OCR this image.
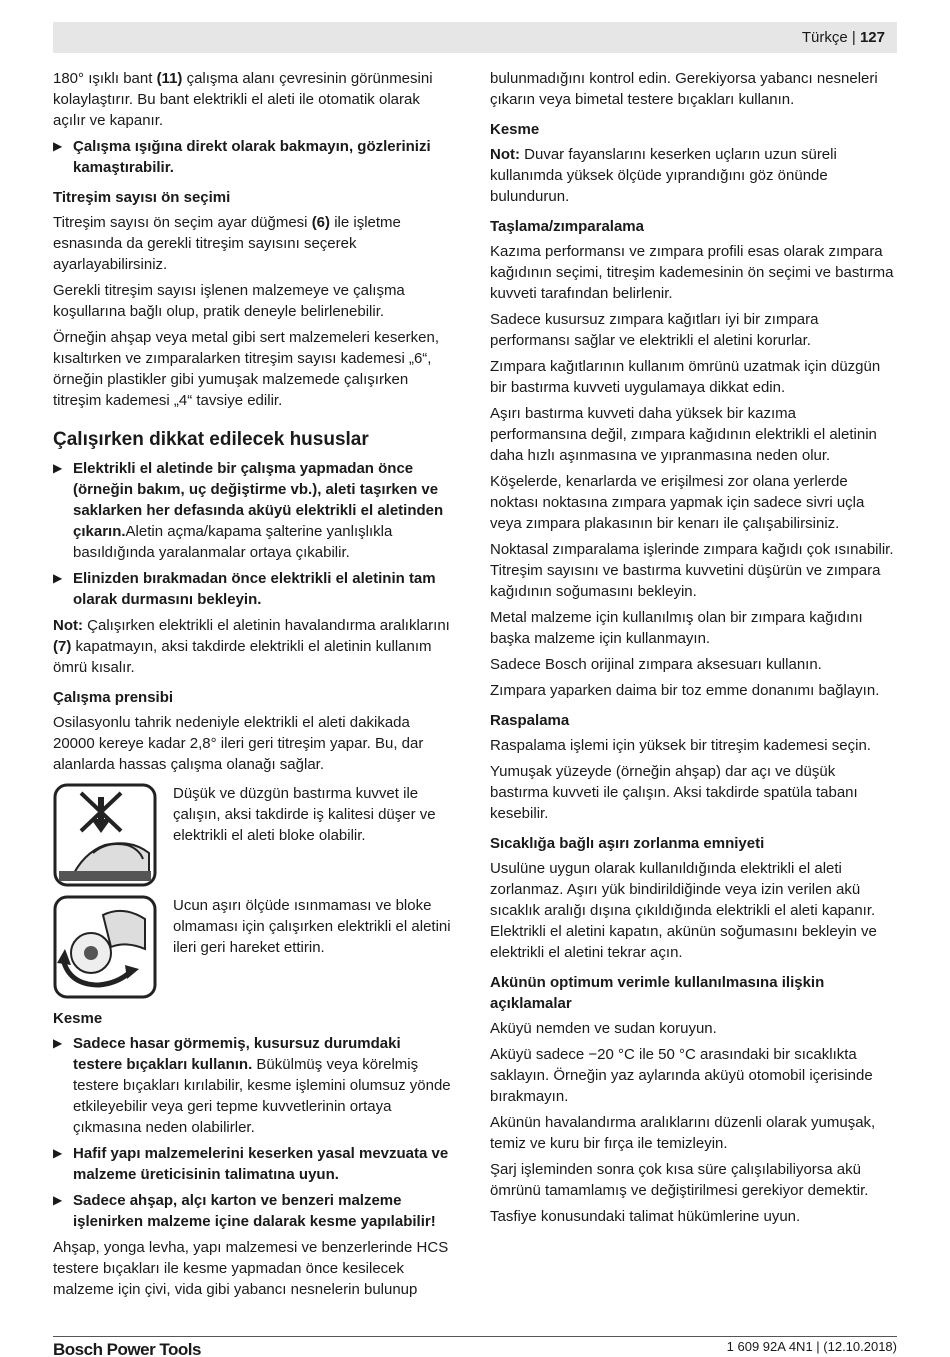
Türkçe | 127

180° ışıklı bant (11) çalışma alanı çevresinin görünmesini kolaylaştırır. Bu bant elektrikli el aleti ile otomatik olarak açılır ve kapanır.

▶ Çalışma ışığına direkt olarak bakmayın, gözlerinizi kamaştırabilir.
Titreşim sayısı ön seçimi

Titreşim sayısı ön seçim ayar düğmesi (6) ile işletme esnasında da gerekli titreşim sayısını seçerek ayarlayabilirsiniz.

Gerekli titreşim sayısı işlenen malzemeye ve çalışma koşullarına bağlı olup, pratik deneyle belirlenebilir.

Örneğin ahşap veya metal gibi sert malzemeleri keserken, kısaltırken ve zımparalarken titreşim sayısı kademesi „6“, örneğin plastikler gibi yumuşak malzemede çalışırken titreşim kademesi „4“ tavsiye edilir.

Çalışırken dikkat edilecek hususlar
▶ Elektrikli el aletinde bir çalışma yapmadan önce (örneğin bakım, uç değiştirme vb.), aleti taşırken ve saklarken her defasında aküyü elektrikli el aletinden çıkarın.Aletin açma/kapama şalterine yanlışlıkla basıldığında yaralanmalar ortaya çıkabilir.
▶ Elinizden bırakmadan önce elektrikli el aletinin tam olarak durmasını bekleyin.

Not: Çalışırken elektrikli el aletinin havalandırma aralıklarını (7) kapatmayın, aksi takdirde elektrikli el aletinin kullanım ömrü kısalır.

Çalışma prensibi

Osilasyonlu tahrik nedeniyle elektrikli el aleti dakikada 20000 kereye kadar 2,8° ileri geri titreşim yapar. Bu, dar alanlarda hassas çalışma olanağı sağlar.

Düşük ve düzgün bastırma kuvvet ile çalışın, aksi takdirde iş kalitesi düşer ve elektrikli el aleti bloke olabilir.
Ucun aşırı ölçüde ısınmaması ve bloke olmaması için çalışırken elektrikli el aletini ileri geri hareket ettirin.
Kesme
▶ Sadece hasar görmemiş, kusursuz durumdaki testere bıçakları kullanın. Bükülmüş veya körelmiş testere bıçakları kırılabilir, kesme işlemini olumsuz yönde etkileyebilir veya geri tepme kuvvetlerinin ortaya çıkmasına neden olabilirler.
▶ Hafif yapı malzemelerini keserken yasal mevzuata ve malzeme üreticisinin talimatına uyun.
▶ Sadece ahşap, alçı karton ve benzeri malzeme işlenirken malzeme içine dalarak kesme yapılabilir!

Ahşap, yonga levha, yapı malzemesi ve benzerlerinde HCS testere bıçakları ile kesme yapmadan önce kesilecek malzeme için çivi, vida gibi yabancı nesnelerin bulunup

bulunmadığını kontrol edin. Gerekiyorsa yabancı nesneleri çıkarın veya bimetal testere bıçakları kullanın.

Kesme

Not: Duvar fayanslarını keserken uçların uzun süreli kullanımda yüksek ölçüde yıprandığını göz önünde bulundurun.

Taşlama/zımparalama

Kazıma performansı ve zımpara profili esas olarak zımpara kağıdının seçimi, titreşim kademesinin ön seçimi ve bastırma kuvveti tarafından belirlenir.

Sadece kusursuz zımpara kağıtları iyi bir zımpara performansı sağlar ve elektrikli el aletini korurlar.

Zımpara kağıtlarının kullanım ömrünü uzatmak için düzgün bir bastırma kuvveti uygulamaya dikkat edin.

Aşırı bastırma kuvveti daha yüksek bir kazıma performansına değil, zımpara kağıdının elektrikli el aletinin daha hızlı aşınmasına ve yıpranmasına neden olur.

Köşelerde, kenarlarda ve erişilmesi zor olana yerlerde noktası noktasına zımpara yapmak için sadece sivri uçla veya zımpara plakasının bir kenarı ile çalışabilirsiniz.

Noktasal zımparalama işlerinde zımpara kağıdı çok ısınabilir. Titreşim sayısını ve bastırma kuvvetini düşürün ve zımpara kağıdının soğumasını bekleyin.

Metal malzeme için kullanılmış olan bir zımpara kağıdını başka malzeme için kullanmayın.

Sadece Bosch orijinal zımpara aksesuarı kullanın.

Zımpara yaparken daima bir toz emme donanımı bağlayın.

Raspalama

Raspalama işlemi için yüksek bir titreşim kademesi seçin.

Yumuşak yüzeyde (örneğin ahşap) dar açı ve düşük bastırma kuvveti ile çalışın. Aksi takdirde spatüla tabanı kesebilir.

Sıcaklığa bağlı aşırı zorlanma emniyeti

Usulüne uygun olarak kullanıldığında elektrikli el aleti zorlanmaz. Aşırı yük bindirildiğinde veya izin verilen akü sıcaklık aralığı dışına çıkıldığında elektrikli el aleti kapanır. Elektrikli el aletini kapatın, akünün soğumasını bekleyin ve elektrikli el aletini tekrar açın.

Akünün optimum verimle kullanılmasına ilişkin açıklamalar

Aküyü nemden ve sudan koruyun.

Aküyü sadece −20 °C ile 50 °C arasındaki bir sıcaklıkta saklayın. Örneğin yaz aylarında aküyü otomobil içerisinde bırakmayın.

Akünün havalandırma aralıklarını düzenli olarak yumuşak, temiz ve kuru bir fırça ile temizleyin.

Şarj işleminden sonra çok kısa süre çalışılabiliyorsa akü ömrünü tamamlamış ve değiştirilmesi gerekiyor demektir.

Tasfiye konusundaki talimat hükümlerine uyun.

Bosch Power Tools	1 609 92A 4N1 | (12.10.2018)
